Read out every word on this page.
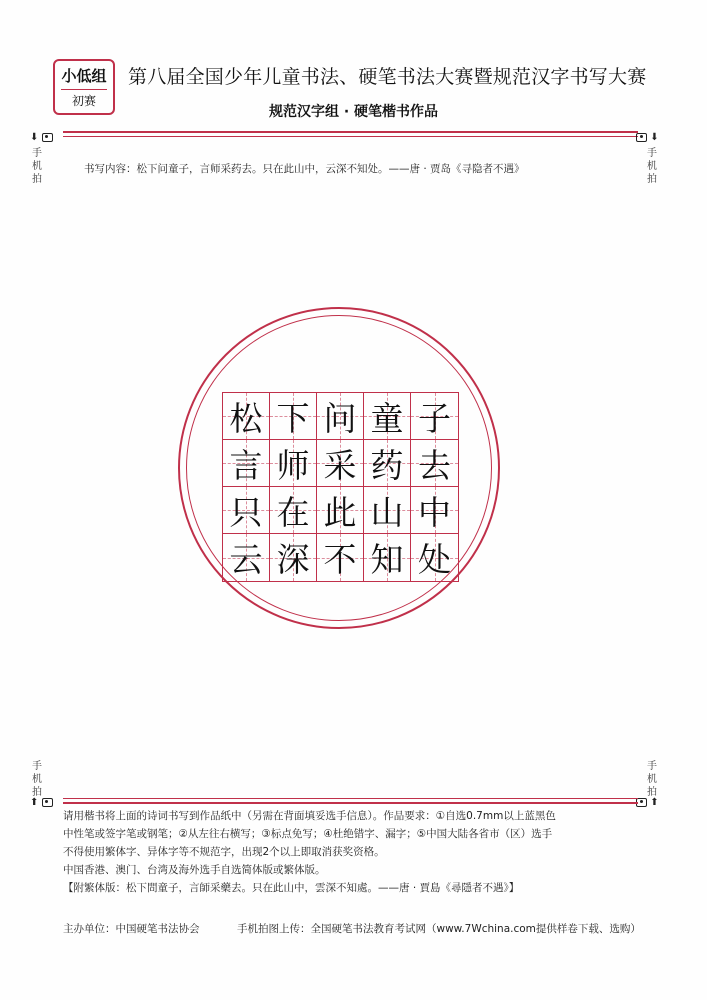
小低组
初赛
第八届全国少年儿童书法、硬笔书法大赛暨规范汉字书写大赛
规范汉字组 · 硬笔楷书作品
⬇
手
机
拍
⬇
手
机
拍
书写内容：松下问童子，言师采药去。只在此山中，云深不知处。——唐 · 贾岛《寻隐者不遇》
松 下 问 童 子
言 师 采 药 去
只 在 此 山 中
云 深 不 知 处
手
机
拍
⬆
手
机
拍
⬆

请用楷书将上面的诗词书写到作品纸中（另需在背面填妥选手信息）。作品要求：①自选0.7mm以上蓝黑色

中性笔或签字笔或钢笔；②从左往右横写；③标点免写；④杜绝错字、漏字；⑤中国大陆各省市（区）选手

不得使用繁体字、异体字等不规范字，出现2个以上即取消获奖资格。

中国香港、澳门、台湾及海外选手自选简体版或繁体版。

【附繁体版：松下問童子，言師采藥去。只在此山中，雲深不知處。——唐 · 賈島《尋隱者不遇》】

主办单位：中国硬笔书法协会	手机拍图上传：全国硬笔书法教育考试网（www.7Wchina.com提供样卷下载、选购）
